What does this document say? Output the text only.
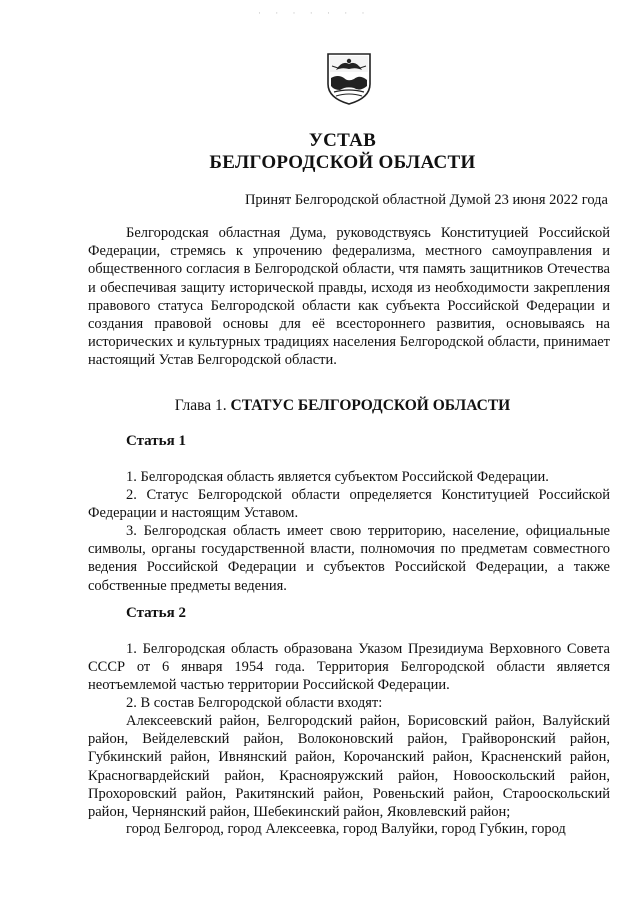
· · · · · · ·
УСТАВ
БЕЛГОРОДСКОЙ ОБЛАСТИ
Принят Белгородской областной Думой 23 июня 2022 года
Белгородская областная Дума, руководствуясь Конституцией Российской Федерации, стремясь к упрочению федерализма, местного самоуправления и общественного согласия в Белгородской области, чтя память защитников Отечества и обеспечивая защиту исторической правды, исходя из необходимости закрепления правового статуса Белгородской области как субъекта Российской Федерации и создания правовой основы для её всестороннего развития, основываясь на исторических и культурных традициях населения Белгородской области, принимает настоящий Устав Белгородской области.
Глава 1. СТАТУС БЕЛГОРОДСКОЙ ОБЛАСТИ
Статья 1
1. Белгородская область является субъектом Российской Федерации.
2. Статус Белгородской области определяется Конституцией Российской Федерации и настоящим Уставом.
3. Белгородская область имеет свою территорию, население, официальные символы, органы государственной власти, полномочия по предметам совместного ведения Российской Федерации и субъектов Российской Федерации, а также собственные предметы ведения.
Статья 2
1. Белгородская область образована Указом Президиума Верховного Совета СССР от 6 января 1954 года. Территория Белгородской области является неотъемлемой частью территории Российской Федерации.
2. В состав Белгородской области входят:
Алексеевский район, Белгородский район, Борисовский район, Валуйский район, Вейделевский район, Волоконовский район, Грайворонский район, Губкинский район, Ивнянский район, Корочанский район, Красненский район, Красногвардейский район, Краснояружский район, Новооскольский район, Прохоровский район, Ракитянский район, Ровеньский район, Старооскольский район, Чернянский район, Шебекинский район, Яковлевский район;
город Белгород, город Алексеевка, город Валуйки, город Губкин, город
